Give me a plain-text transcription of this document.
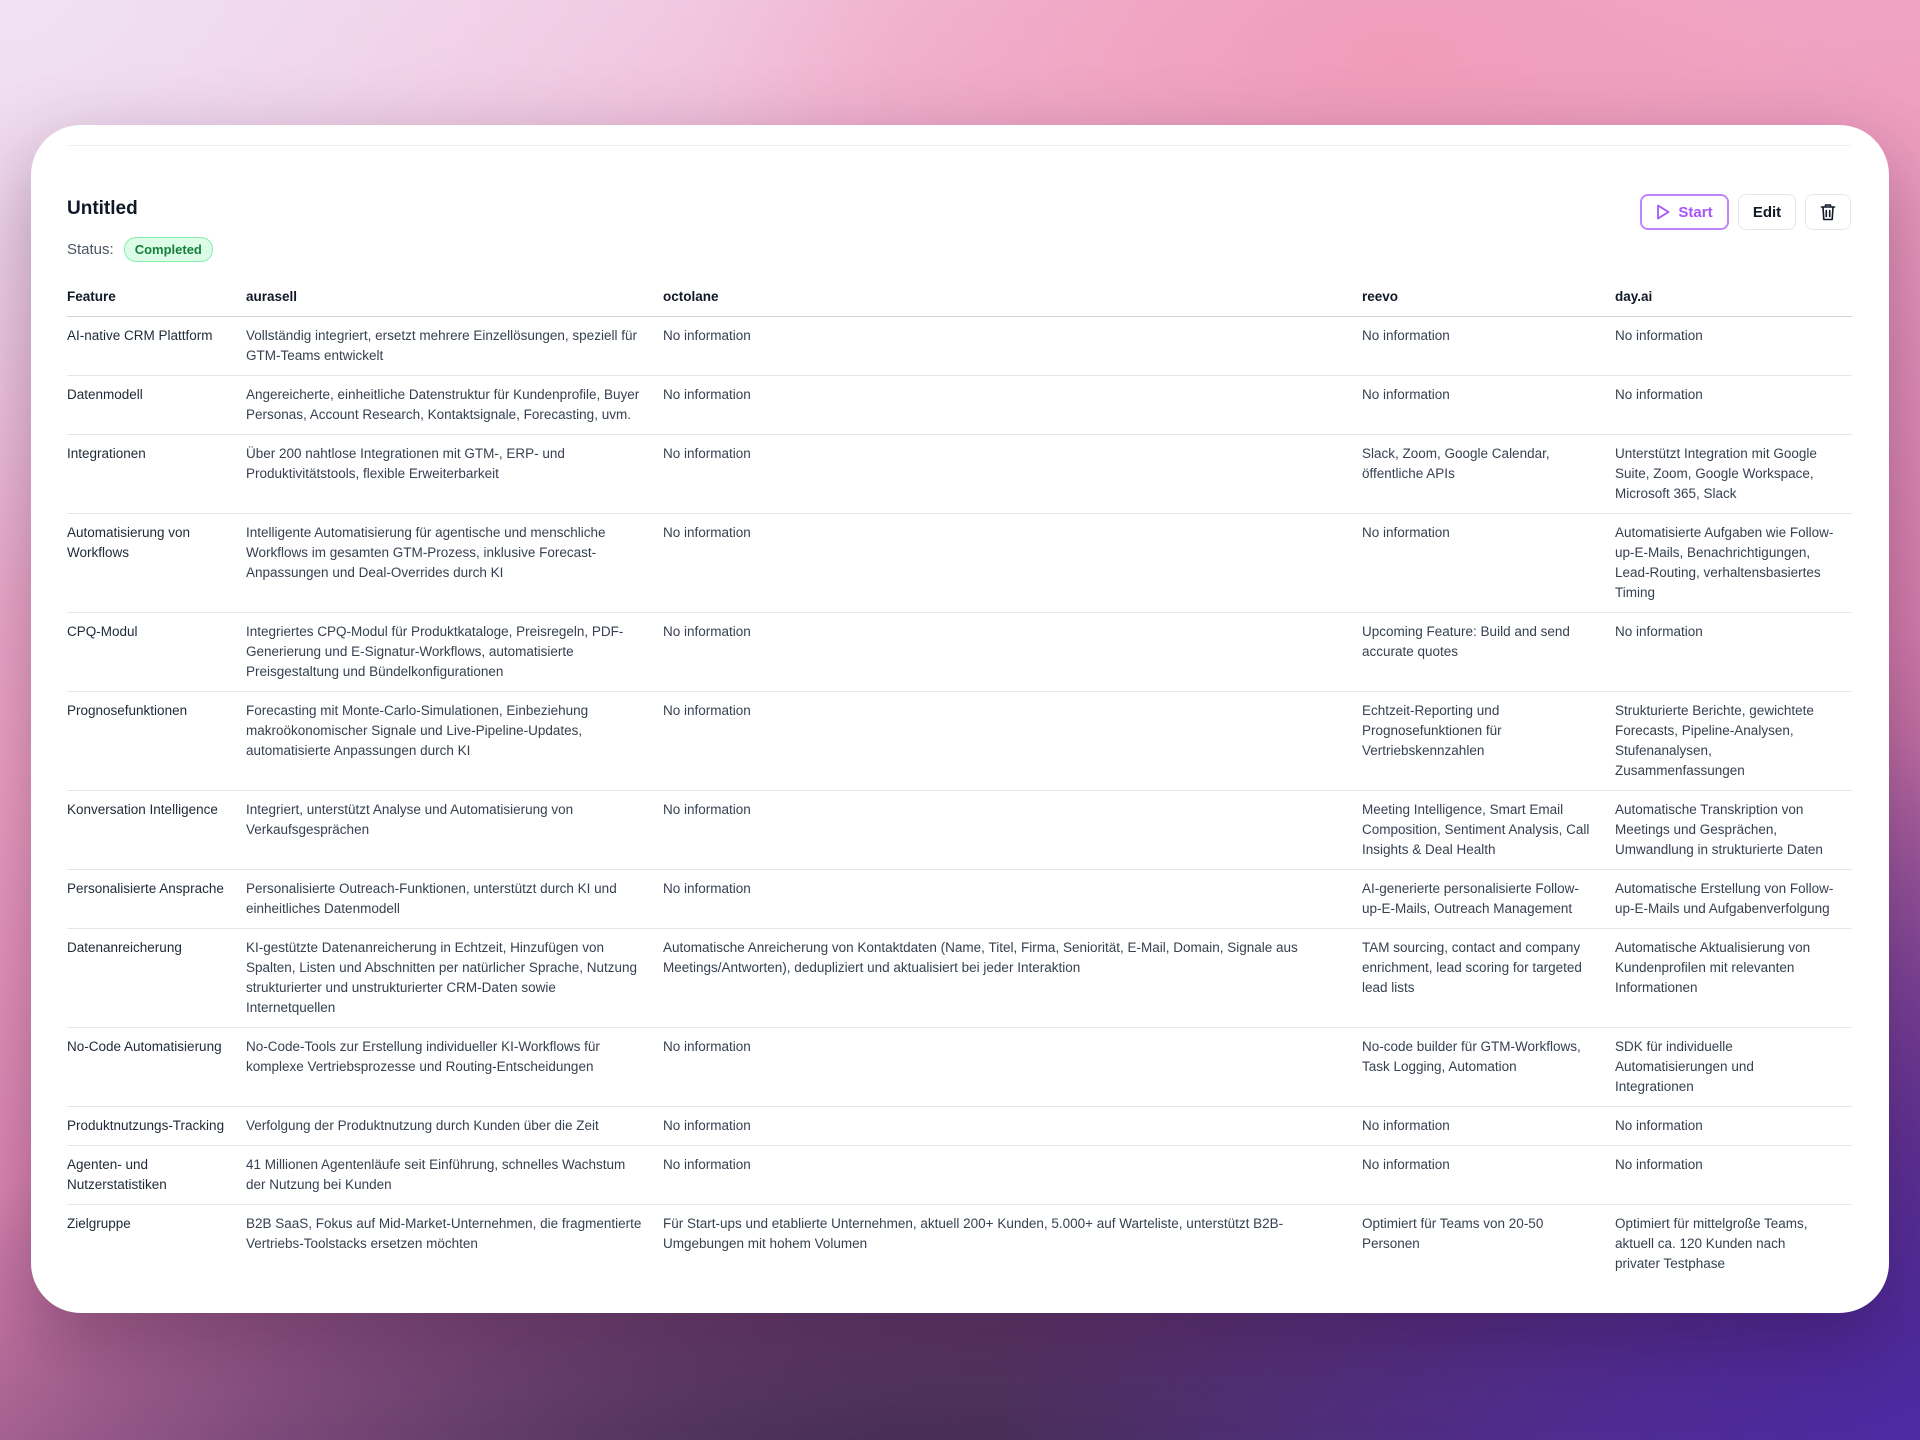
Untitled
Status:	Completed
Start	Edit
Feature	aurasell	octolane	reevo	day.ai
AI-native CRM Plattform	Vollständig integriert, ersetzt mehrere Einzellösungen, speziell für GTM-Teams entwickelt	No information	No information	No information
Datenmodell	Angereicherte, einheitliche Datenstruktur für Kundenprofile, Buyer Personas, Account Research, Kontaktsignale, Forecasting, uvm.	No information	No information	No information
Integrationen	Über 200 nahtlose Integrationen mit GTM-, ERP- und Produktivitätstools, flexible Erweiterbarkeit	No information	Slack, Zoom, Google Calendar, öffentliche APIs	Unterstützt Integration mit Google Suite, Zoom, Google Workspace, Microsoft 365, Slack
Automatisierung von Workflows	Intelligente Automatisierung für agentische und menschliche Workflows im gesamten GTM-Prozess, inklusive Forecast-Anpassungen und Deal-Overrides durch KI	No information	No information	Automatisierte Aufgaben wie Follow-up-E-Mails, Benachrichtigungen, Lead-Routing, verhaltensbasiertes Timing
CPQ-Modul	Integriertes CPQ-Modul für Produktkataloge, Preisregeln, PDF-Generierung und E-Signatur-Workflows, automatisierte Preisgestaltung und Bündelkonfigurationen	No information	Upcoming Feature: Build and send accurate quotes	No information
Prognosefunktionen	Forecasting mit Monte-Carlo-Simulationen, Einbeziehung makroökonomischer Signale und Live-Pipeline-Updates, automatisierte Anpassungen durch KI	No information	Echtzeit-Reporting und Prognosefunktionen für Vertriebskennzahlen	Strukturierte Berichte, gewichtete Forecasts, Pipeline-Analysen, Stufenanalysen, Zusammenfassungen
Konversation Intelligence	Integriert, unterstützt Analyse und Automatisierung von Verkaufsgesprächen	No information	Meeting Intelligence, Smart Email Composition, Sentiment Analysis, Call Insights & Deal Health	Automatische Transkription von Meetings und Gesprächen, Umwandlung in strukturierte Daten
Personalisierte Ansprache	Personalisierte Outreach-Funktionen, unterstützt durch KI und einheitliches Datenmodell	No information	AI-generierte personalisierte Follow-up-E-Mails, Outreach Management	Automatische Erstellung von Follow-up-E-Mails und Aufgabenverfolgung
Datenanreicherung	KI-gestützte Datenanreicherung in Echtzeit, Hinzufügen von Spalten, Listen und Abschnitten per natürlicher Sprache, Nutzung strukturierter und unstrukturierter CRM-Daten sowie Internetquellen	Automatische Anreicherung von Kontaktdaten (Name, Titel, Firma, Seniorität, E-Mail, Domain, Signale aus Meetings/Antworten), dedupliziert und aktualisiert bei jeder Interaktion	TAM sourcing, contact and company enrichment, lead scoring for targeted lead lists	Automatische Aktualisierung von Kundenprofilen mit relevanten Informationen
No-Code Automatisierung	No-Code-Tools zur Erstellung individueller KI-Workflows für komplexe Vertriebsprozesse und Routing-Entscheidungen	No information	No-code builder für GTM-Workflows, Task Logging, Automation	SDK für individuelle Automatisierungen und Integrationen
Produktnutzungs-Tracking	Verfolgung der Produktnutzung durch Kunden über die Zeit	No information	No information	No information
Agenten- und Nutzerstatistiken	41 Millionen Agentenläufe seit Einführung, schnelles Wachstum der Nutzung bei Kunden	No information	No information	No information
Zielgruppe	B2B SaaS, Fokus auf Mid-Market-Unternehmen, die fragmentierte Vertriebs-Toolstacks ersetzen möchten	Für Start-ups und etablierte Unternehmen, aktuell 200+ Kunden, 5.000+ auf Warteliste, unterstützt B2B-Umgebungen mit hohem Volumen	Optimiert für Teams von 20-50 Personen	Optimiert für mittelgroße Teams, aktuell ca. 120 Kunden nach privater Testphase
